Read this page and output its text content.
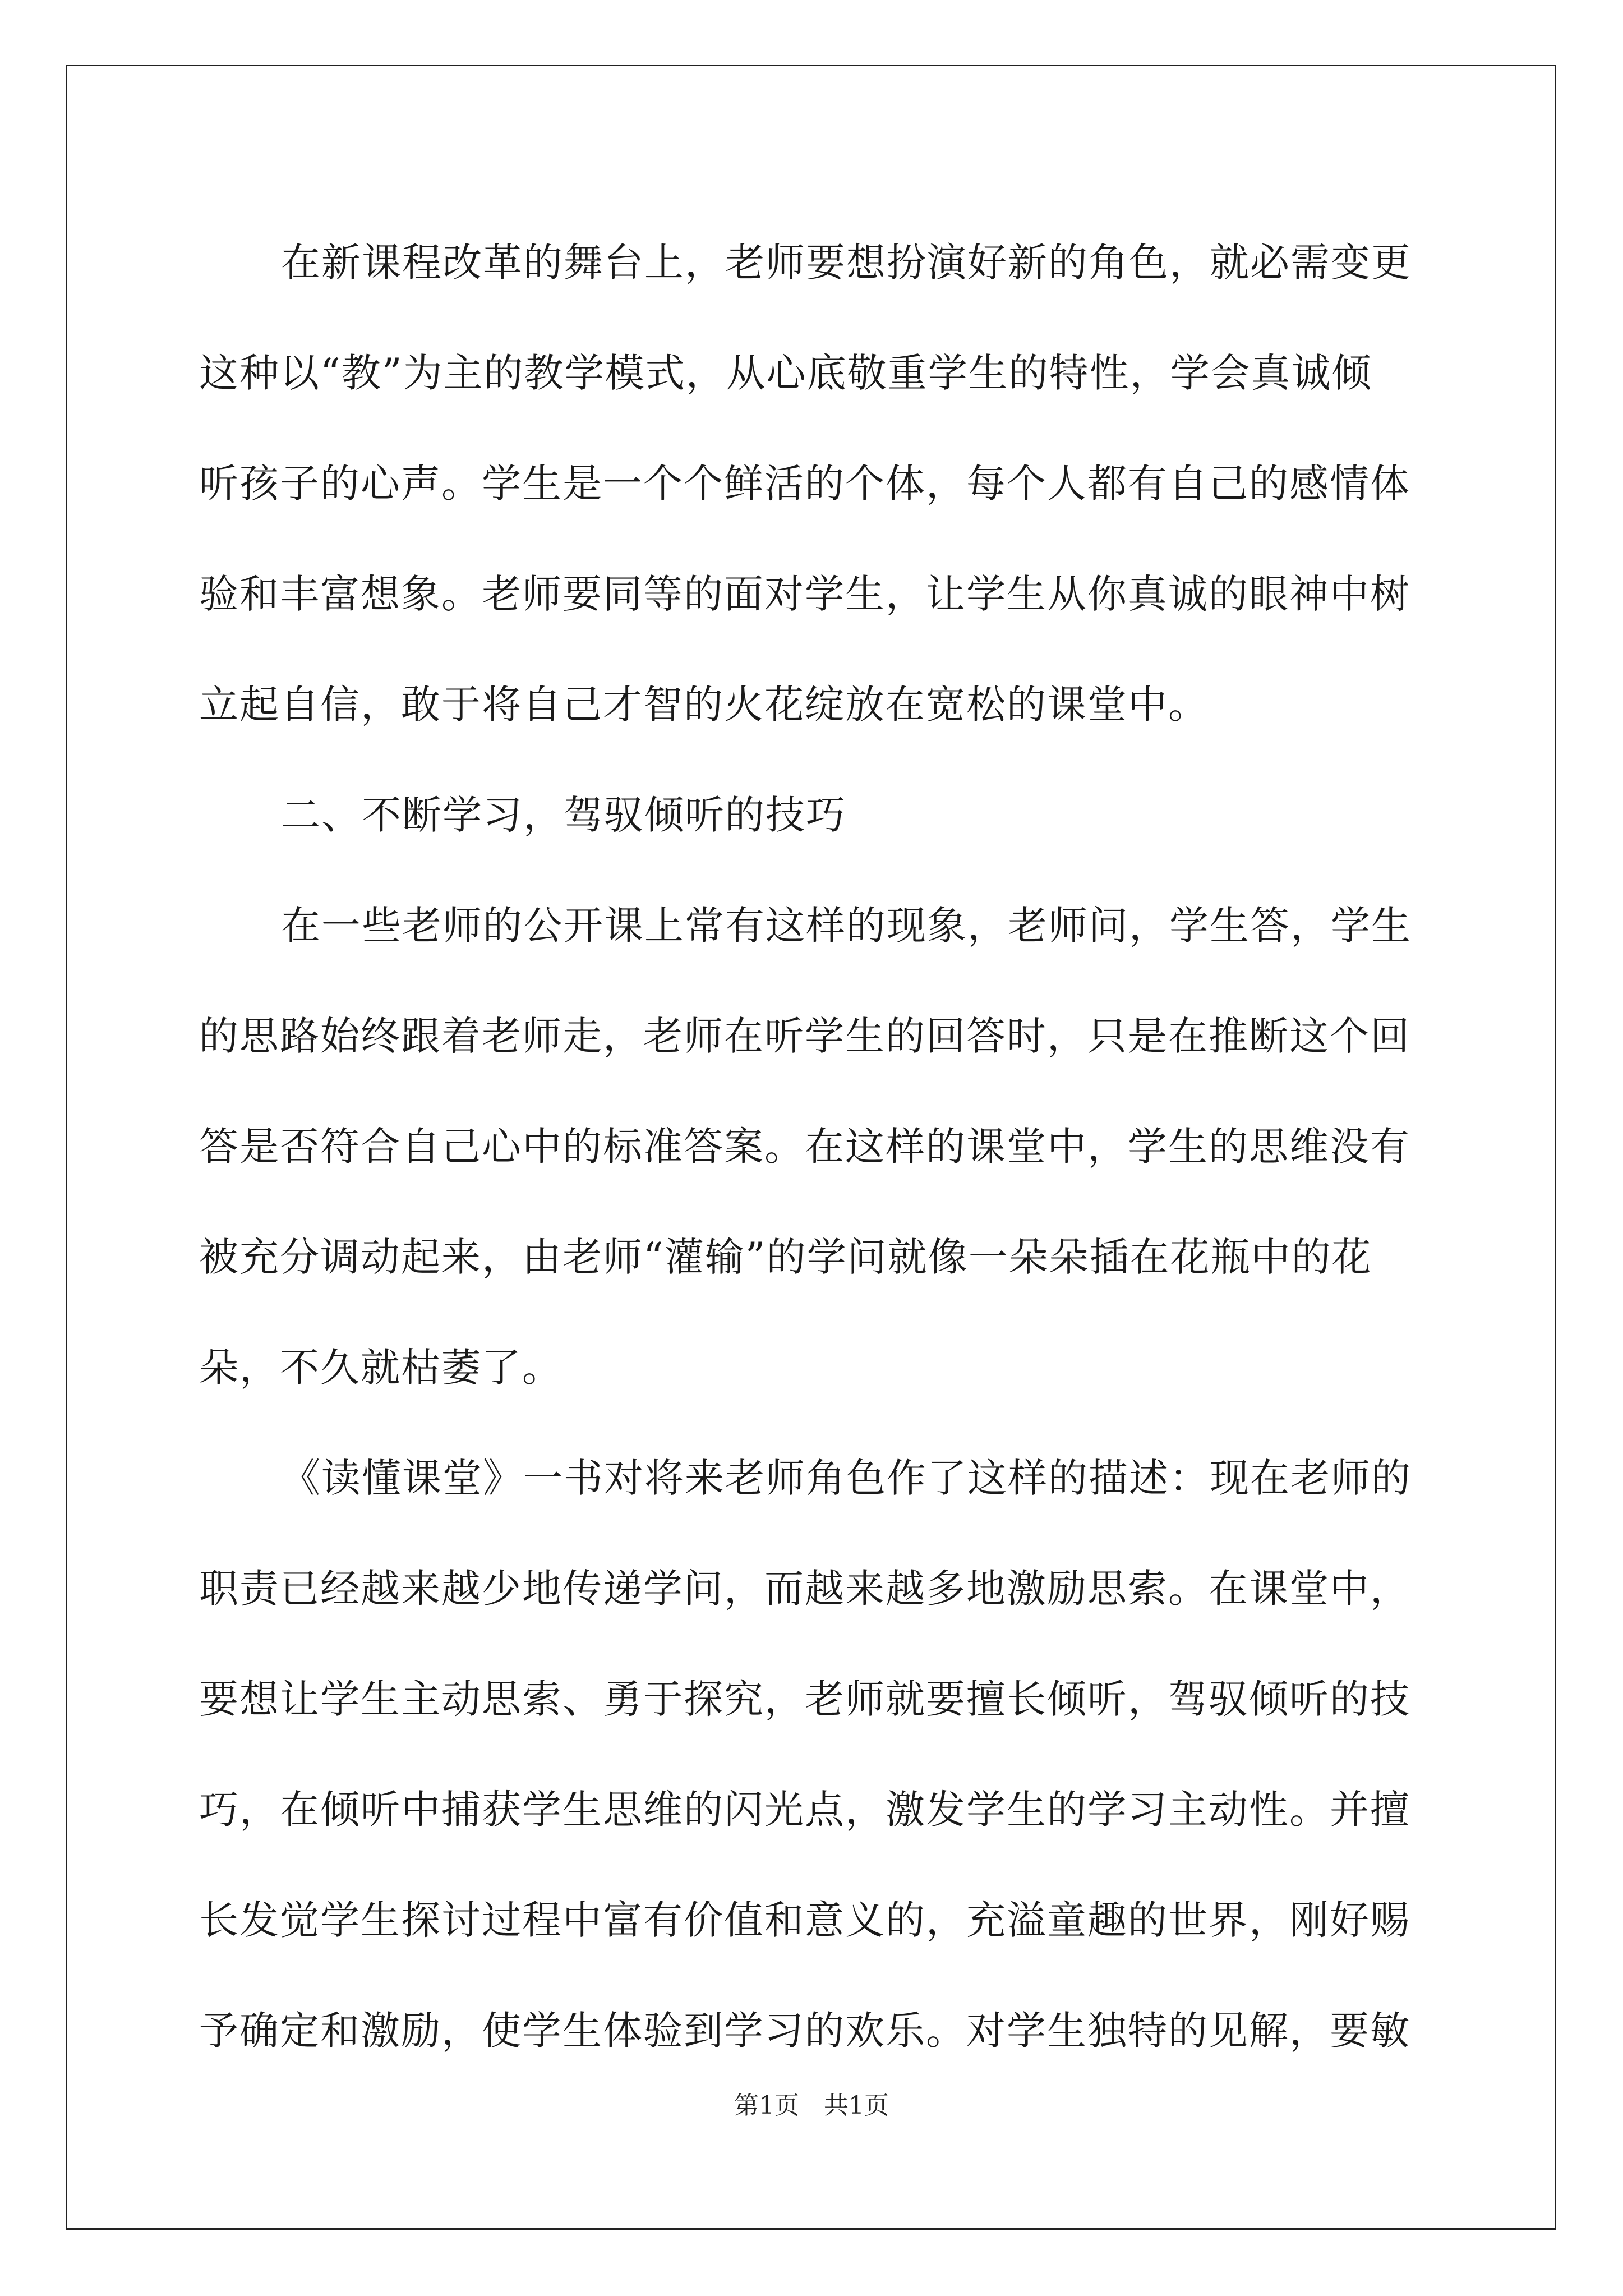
在新课程改革的舞台上，老师要想扮演好新的角色，就必需变更
这种以“教”为主的教学模式，从心底敬重学生的特性，学会真诚倾
听孩子的心声。学生是一个个鲜活的个体，每个人都有自己的感情体
验和丰富想象。老师要同等的面对学生，让学生从你真诚的眼神中树
立起自信，敢于将自己才智的火花绽放在宽松的课堂中。
二、不断学习，驾驭倾听的技巧
在一些老师的公开课上常有这样的现象，老师问，学生答，学生
的思路始终跟着老师走，老师在听学生的回答时，只是在推断这个回
答是否符合自己心中的标准答案。在这样的课堂中，学生的思维没有
被充分调动起来，由老师“灌输”的学问就像一朵朵插在花瓶中的花
朵，不久就枯萎了。
《读懂课堂》一书对将来老师角色作了这样的描述：现在老师的
职责已经越来越少地传递学问，而越来越多地激励思索。在课堂中，
要想让学生主动思索、勇于探究，老师就要擅长倾听，驾驭倾听的技
巧，在倾听中捕获学生思维的闪光点，激发学生的学习主动性。并擅
长发觉学生探讨过程中富有价值和意义的，充溢童趣的世界，刚好赐
予确定和激励，使学生体验到学习的欢乐。对学生独特的见解，要敏
第1页　共1页
